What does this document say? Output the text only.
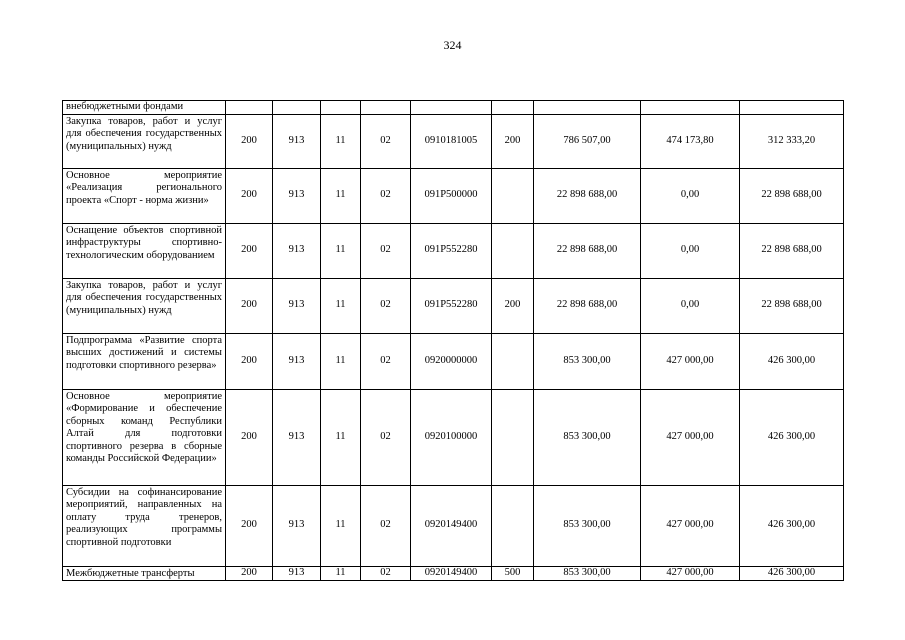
324
внебюджетными фондами									
Закупка товаров, работ и услуг для обеспечения государственных (муниципальных) нужд	200	913	11	02	0910181005	200	786 507,00	474 173,80	312 333,20
Основное мероприятие «Реализация регионального проекта «Спорт - норма жизни»	200	913	11	02	091P500000		22 898 688,00	0,00	22 898 688,00
Оснащение объектов спортивной инфраструктуры спортивно-технологическим оборудованием	200	913	11	02	091P552280		22 898 688,00	0,00	22 898 688,00
Закупка товаров, работ и услуг для обеспечения государственных (муниципальных) нужд	200	913	11	02	091P552280	200	22 898 688,00	0,00	22 898 688,00
Подпрограмма «Развитие спорта высших достижений и системы подготовки спортивного резерва»	200	913	11	02	0920000000		853 300,00	427 000,00	426 300,00
Основное мероприятие «Формирование и обеспечение сборных команд Республики Алтай для подготовки спортивного резерва в сборные команды Российской Федерации»	200	913	11	02	0920100000		853 300,00	427 000,00	426 300,00
Субсидии на софинансирование мероприятий, направленных на оплату труда тренеров, реализующих программы спортивной подготовки	200	913	11	02	0920149400		853 300,00	427 000,00	426 300,00
Межбюджетные трансферты	200	913	11	02	0920149400	500	853 300,00	427 000,00	426 300,00
